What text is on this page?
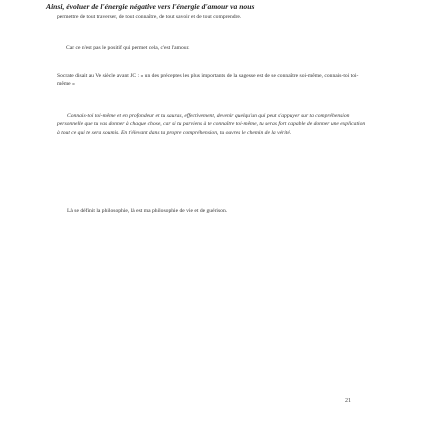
Ainsi, évoluer de l'énergie négative vers l'énergie d'amour va nous
permettre de tout traverser, de tout connaître, de tout savoir et de tout comprendre.
Car ce n'est pas le positif qui permet cela, c'est l'amour.
Socrate disait au Ve siècle avant JC : « un des préceptes les plus importants de la sagesse est de se connaître soi-même, connais-toi toi-même »
Connais-toi toi-même et en profondeur et tu sauras, effectivement, devenir quelqu'un qui peut s'appuyer sur ta compréhension personnelle que tu vas donner à chaque chose, car si tu parviens à te connaître toi-même, tu seras fort capable de donner une explication à tout ce qui te sera soumis. En t'élevant dans ta propre compréhension, tu ouvres le chemin de la vérité.
Là se définit la philosophie, là est ma philosophie de vie et de guérison.
21
